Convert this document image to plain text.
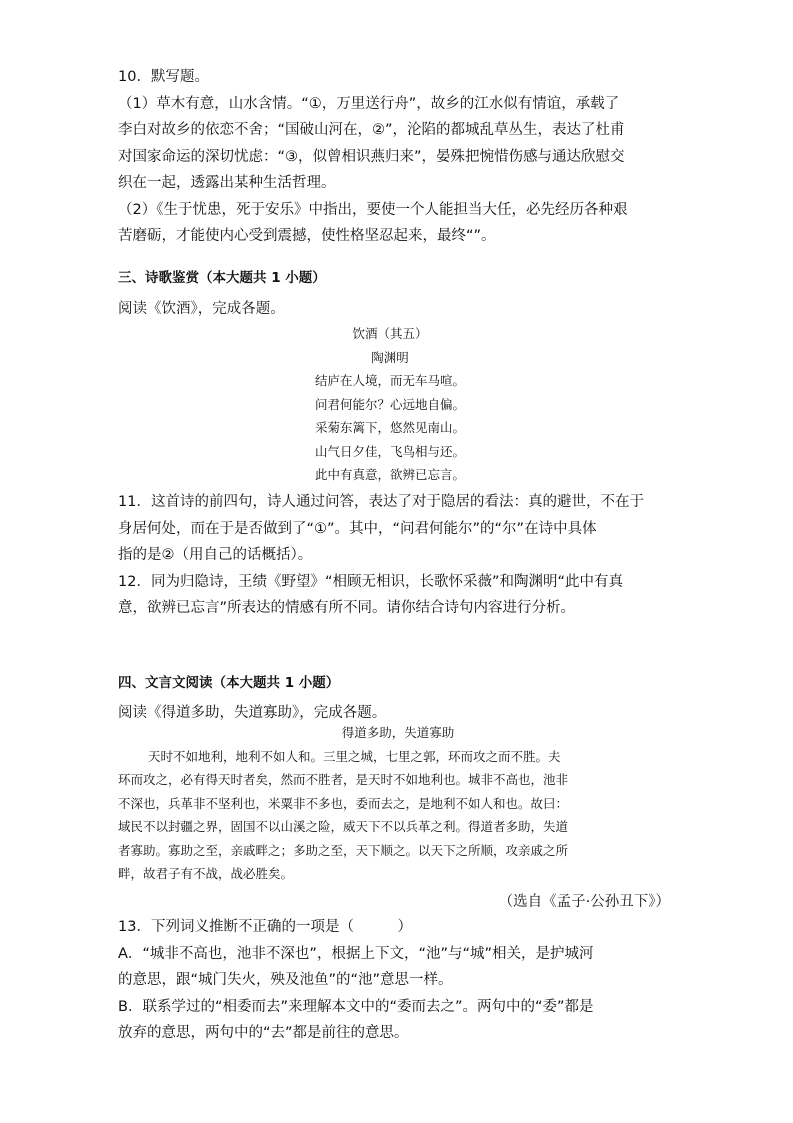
10．默写题。
（1）草木有意，山水含情。“①，万里送行舟”，故乡的江水似有情谊，承载了
李白对故乡的依恋不舍；“国破山河在，②”，沦陷的都城乱草丛生，表达了杜甫
对国家命运的深切忧虑：“③，似曾相识燕归来”，晏殊把惋惜伤感与通达欣慰交
织在一起，透露出某种生活哲理。
（2）《生于忧患，死于安乐》中指出，要使一个人能担当大任，必先经历各种艰
苦磨砺，才能使内心受到震撼，使性格坚忍起来，最终“”。
三、诗歌鉴赏（本大题共 1 小题）
阅读《饮酒》，完成各题。
饮酒（其五）
陶渊明
结庐在人境，而无车马喧。
问君何能尔？心远地自偏。
采菊东篱下，悠然见南山。
山气日夕佳，飞鸟相与还。
此中有真意，欲辨已忘言。
11．这首诗的前四句，诗人通过问答，表达了对于隐居的看法：真的避世，不在于
身居何处，而在于是否做到了“①”。其中，“问君何能尔”的“尔”在诗中具体
指的是②（用自己的话概括）。
12．同为归隐诗，王绩《野望》“相顾无相识，长歌怀采薇”和陶渊明“此中有真
意，欲辨已忘言”所表达的情感有所不同。请你结合诗句内容进行分析。
四、文言文阅读（本大题共 1 小题）
阅读《得道多助，失道寡助》，完成各题。
得道多助，失道寡助
天时不如地利，地利不如人和。三里之城，七里之郭，环而攻之而不胜。夫
环而攻之，必有得天时者矣，然而不胜者，是天时不如地利也。城非不高也，池非
不深也，兵革非不坚利也，米粟非不多也，委而去之，是地利不如人和也。故曰：
域民不以封疆之界，固国不以山溪之险，威天下不以兵革之利。得道者多助，失道
者寡助。寡助之至，亲戚畔之；多助之至，天下顺之。以天下之所顺，攻亲戚之所
畔，故君子有不战，战必胜矣。
（选自《孟子·公孙丑下》）
13．下列词义推断不正确的一项是（　　　）
A．“城非不高也，池非不深也”，根据上下文，“池”与“城”相关，是护城河
的意思，跟“城门失火，殃及池鱼”的“池”意思一样。
B．联系学过的“相委而去”来理解本文中的“委而去之”。两句中的“委”都是
放弃的意思，两句中的“去”都是前往的意思。
